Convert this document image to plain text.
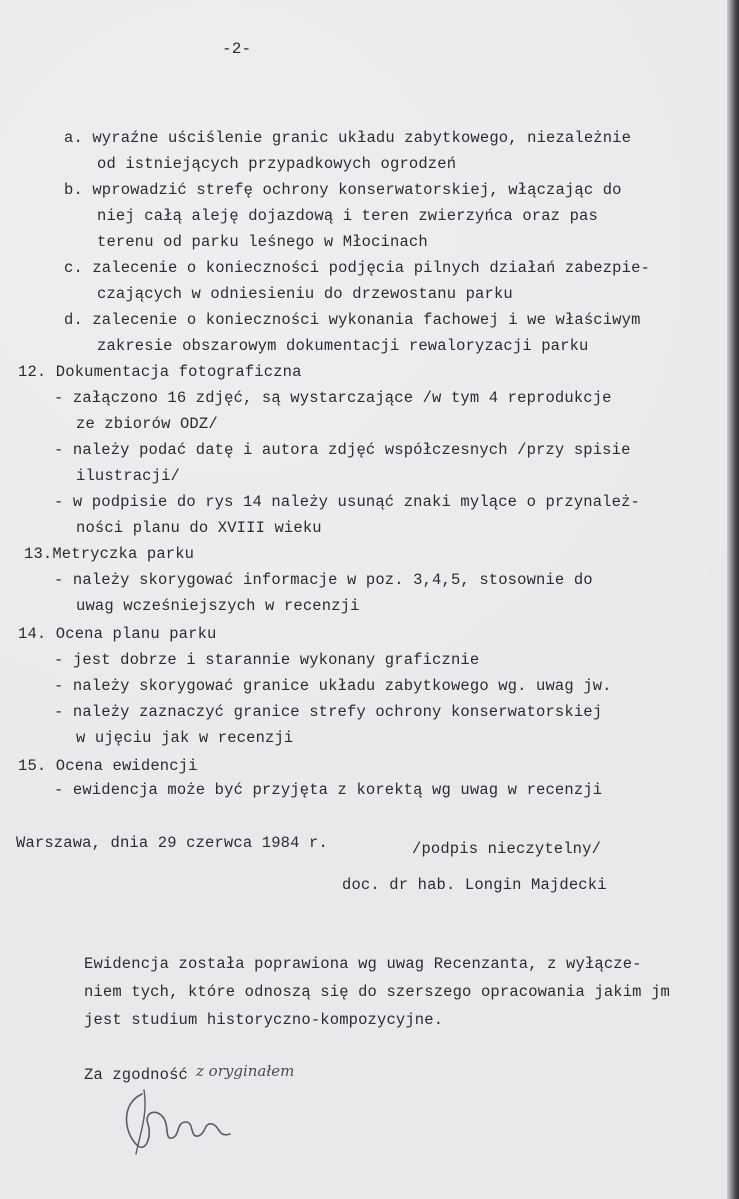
-2-
a. wyraźne uściślenie granic układu zabytkowego, niezależnie
od istniejących przypadkowych ogrodzeń
b. wprowadzić strefę ochrony konserwatorskiej, włączając do
niej całą aleję dojazdową i teren zwierzyńca oraz pas
terenu od parku leśnego w Młocinach
c. zalecenie o konieczności podjęcia pilnych działań zabezpie-
czających w odniesieniu do drzewostanu parku
d. zalecenie o konieczności wykonania fachowej i we właściwym
zakresie obszarowym dokumentacji rewaloryzacji parku
12. Dokumentacja fotograficzna
- załączono 16 zdjęć, są wystarczające /w tym 4 reprodukcje
ze zbiorów ODZ/
- należy podać datę i autora zdjęć współczesnych /przy spisie
ilustracji/
- w podpisie do rys 14 należy usunąć znaki mylące o przynależ-
ności planu do XVIII wieku
13.Metryczka parku
- należy skorygować informacje w poz. 3,4,5, stosownie do
uwag wcześniejszych w recenzji
14. Ocena planu parku
- jest dobrze i starannie wykonany graficznie
- należy skorygować granice układu zabytkowego wg. uwag jw.
- należy zaznaczyć granice strefy ochrony konserwatorskiej
w ujęciu jak w recenzji
15. Ocena ewidencji
- ewidencja może być przyjęta z korektą wg uwag w recenzji
Warszawa, dnia 29 czerwca 1984 r.	/podpis nieczytelny/
doc. dr hab. Longin Majdecki
Ewidencja została poprawiona wg uwag Recenzanta, z wyłącze-
niem tych, które odnoszą się do szerszego opracowania jakim jm
jest studium historyczno-kompozycyjne.
Za zgodność z oryginałem
